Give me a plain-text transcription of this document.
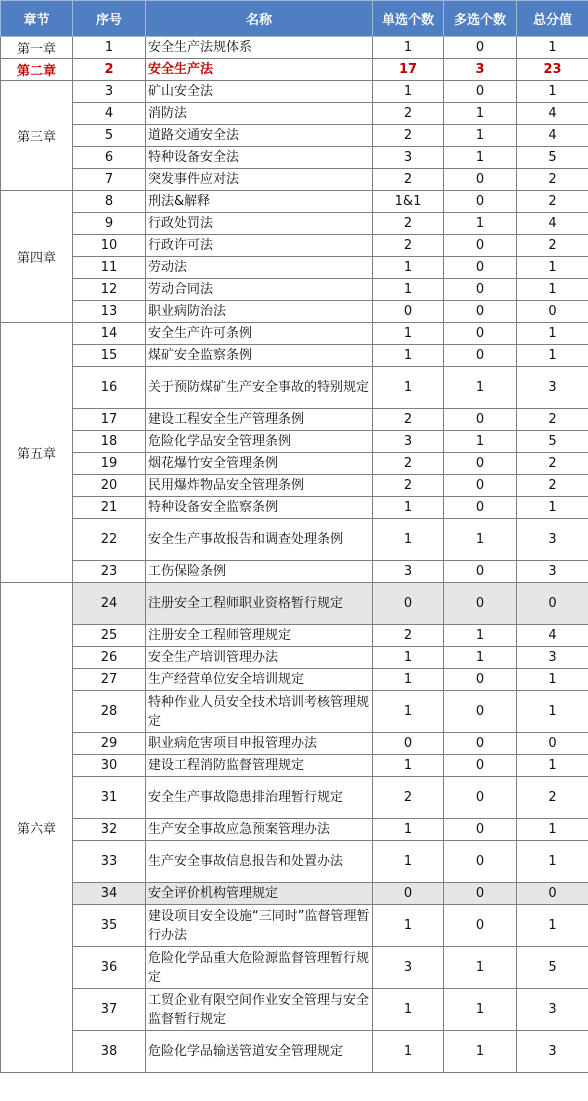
章节	序号	名称	单选个数	多选个数	总分值
第一章	1	安全生产法规体系	1	0	1
第二章	2	安全生产法	17	3	23
第三章	3	矿山安全法	1	0	1
	4	消防法	2	1	4
	5	道路交通安全法	2	1	4
	6	特种设备安全法	3	1	5
	7	突发事件应对法	2	0	2
第四章	8	刑法&解释	1&1	0	2
	9	行政处罚法	2	1	4
	10	行政许可法	2	0	2
	11	劳动法	1	0	1
	12	劳动合同法	1	0	1
	13	职业病防治法	0	0	0
第五章	14	安全生产许可条例	1	0	1
	15	煤矿安全监察条例	1	0	1
	16	关于预防煤矿生产安全事故的特别规定	1	1	3
	17	建设工程安全生产管理条例	2	0	2
	18	危险化学品安全管理条例	3	1	5
	19	烟花爆竹安全管理条例	2	0	2
	20	民用爆炸物品安全管理条例	2	0	2
	21	特种设备安全监察条例	1	0	1
	22	安全生产事故报告和调查处理条例	1	1	3
	23	工伤保险条例	3	0	3
第六章	24	注册安全工程师职业资格暂行规定	0	0	0
	25	注册安全工程师管理规定	2	1	4
	26	安全生产培训管理办法	1	1	3
	27	生产经营单位安全培训规定	1	0	1
	28	特种作业人员安全技术培训考核管理规定	1	0	1
	29	职业病危害项目申报管理办法	0	0	0
	30	建设工程消防监督管理规定	1	0	1
	31	安全生产事故隐患排治理暂行规定	2	0	2
	32	生产安全事故应急预案管理办法	1	0	1
	33	生产安全事故信息报告和处置办法	1	0	1
	34	安全评价机构管理规定	0	0	0
	35	建设项目安全设施“三同时”监督管理暂行办法	1	0	1
	36	危险化学品重大危险源监督管理暂行规定	3	1	5
	37	工贸企业有限空间作业安全管理与安全监督暂行规定	1	1	3
	38	危险化学品输送管道安全管理规定	1	1	3
